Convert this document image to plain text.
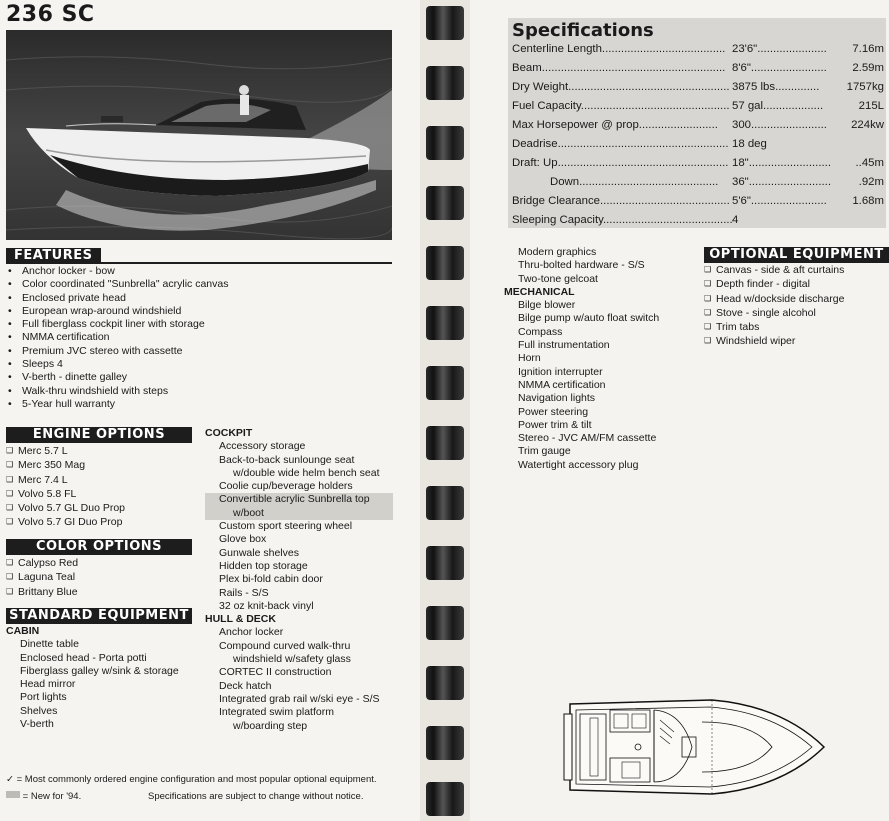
236 SC
FEATURES
• Anchor locker - bow
• Color coordinated "Sunbrella" acrylic canvas
• Enclosed private head
• European wrap-around windshield
• Full fiberglass cockpit liner with storage
• NMMA certification
• Premium JVC stereo with cassette
• Sleeps 4
• V-berth - dinette galley
• Walk-thru windshield with steps
• 5-Year hull warranty
ENGINE OPTIONS
❑ Merc 5.7 L
❑ Merc 350 Mag
❑ Merc 7.4 L
❑ Volvo 5.8 FL
❑ Volvo 5.7 GL Duo Prop
❑ Volvo 5.7 GI Duo Prop
COLOR OPTIONS
❑ Calypso Red
❑ Laguna Teal
❑ Brittany Blue
STANDARD EQUIPMENT
CABIN
Dinette table
Enclosed head - Porta potti
Fiberglass galley w/sink & storage
Head mirror
Port lights
Shelves
V-berth
COCKPIT
Accessory storage
Back-to-back sunlounge seat w/double wide helm bench seat
Coolie cup/beverage holders
Convertible acrylic Sunbrella top w/boot
Custom sport steering wheel
Glove box
Gunwale shelves
Hidden top storage
Plex bi-fold cabin door
Rails - S/S
32 oz knit-back vinyl
HULL & DECK
Anchor locker
Compound curved walk-thru windshield w/safety glass
CORTEC II construction
Deck hatch
Integrated grab rail w/ski eye - S/S
Integrated swim platform w/boarding step
✓ = Most commonly ordered engine configuration and most popular optional equipment.
= New for '94.	Specifications are subject to change without notice.
Specifications
Centerline Length....................................... 23'6"...................... 7.16m
Beam.......................................................... 8'6"........................ 2.59m
Dry Weight................................................... 3875 lbs.............. 1757kg
Fuel Capacity............................................... 57 gal...................	215L
Max Horsepower @ prop......................... 300........................ 224kw
Deadrise...................................................... 18 deg
Draft: Up...................................................... 18".......................... ..45m
Down............................................ 36".......................... .92m
Bridge Clearance......................................... 5'6"........................ 1.68m
Sleeping Capacity......................................... 4
Modern graphics
Thru-bolted hardware - S/S
Two-tone gelcoat
MECHANICAL
Bilge blower
Bilge pump w/auto float switch
Compass
Full instrumentation
Horn
Ignition interrupter
NMMA certification
Navigation lights
Power steering
Power trim & tilt
Stereo - JVC AM/FM cassette
Trim gauge
Watertight accessory plug
OPTIONAL EQUIPMENT
❑ Canvas - side & aft curtains
❑ Depth finder - digital
❑ Head w/dockside discharge
❑ Stove - single alcohol
❑ Trim tabs
❑ Windshield wiper
